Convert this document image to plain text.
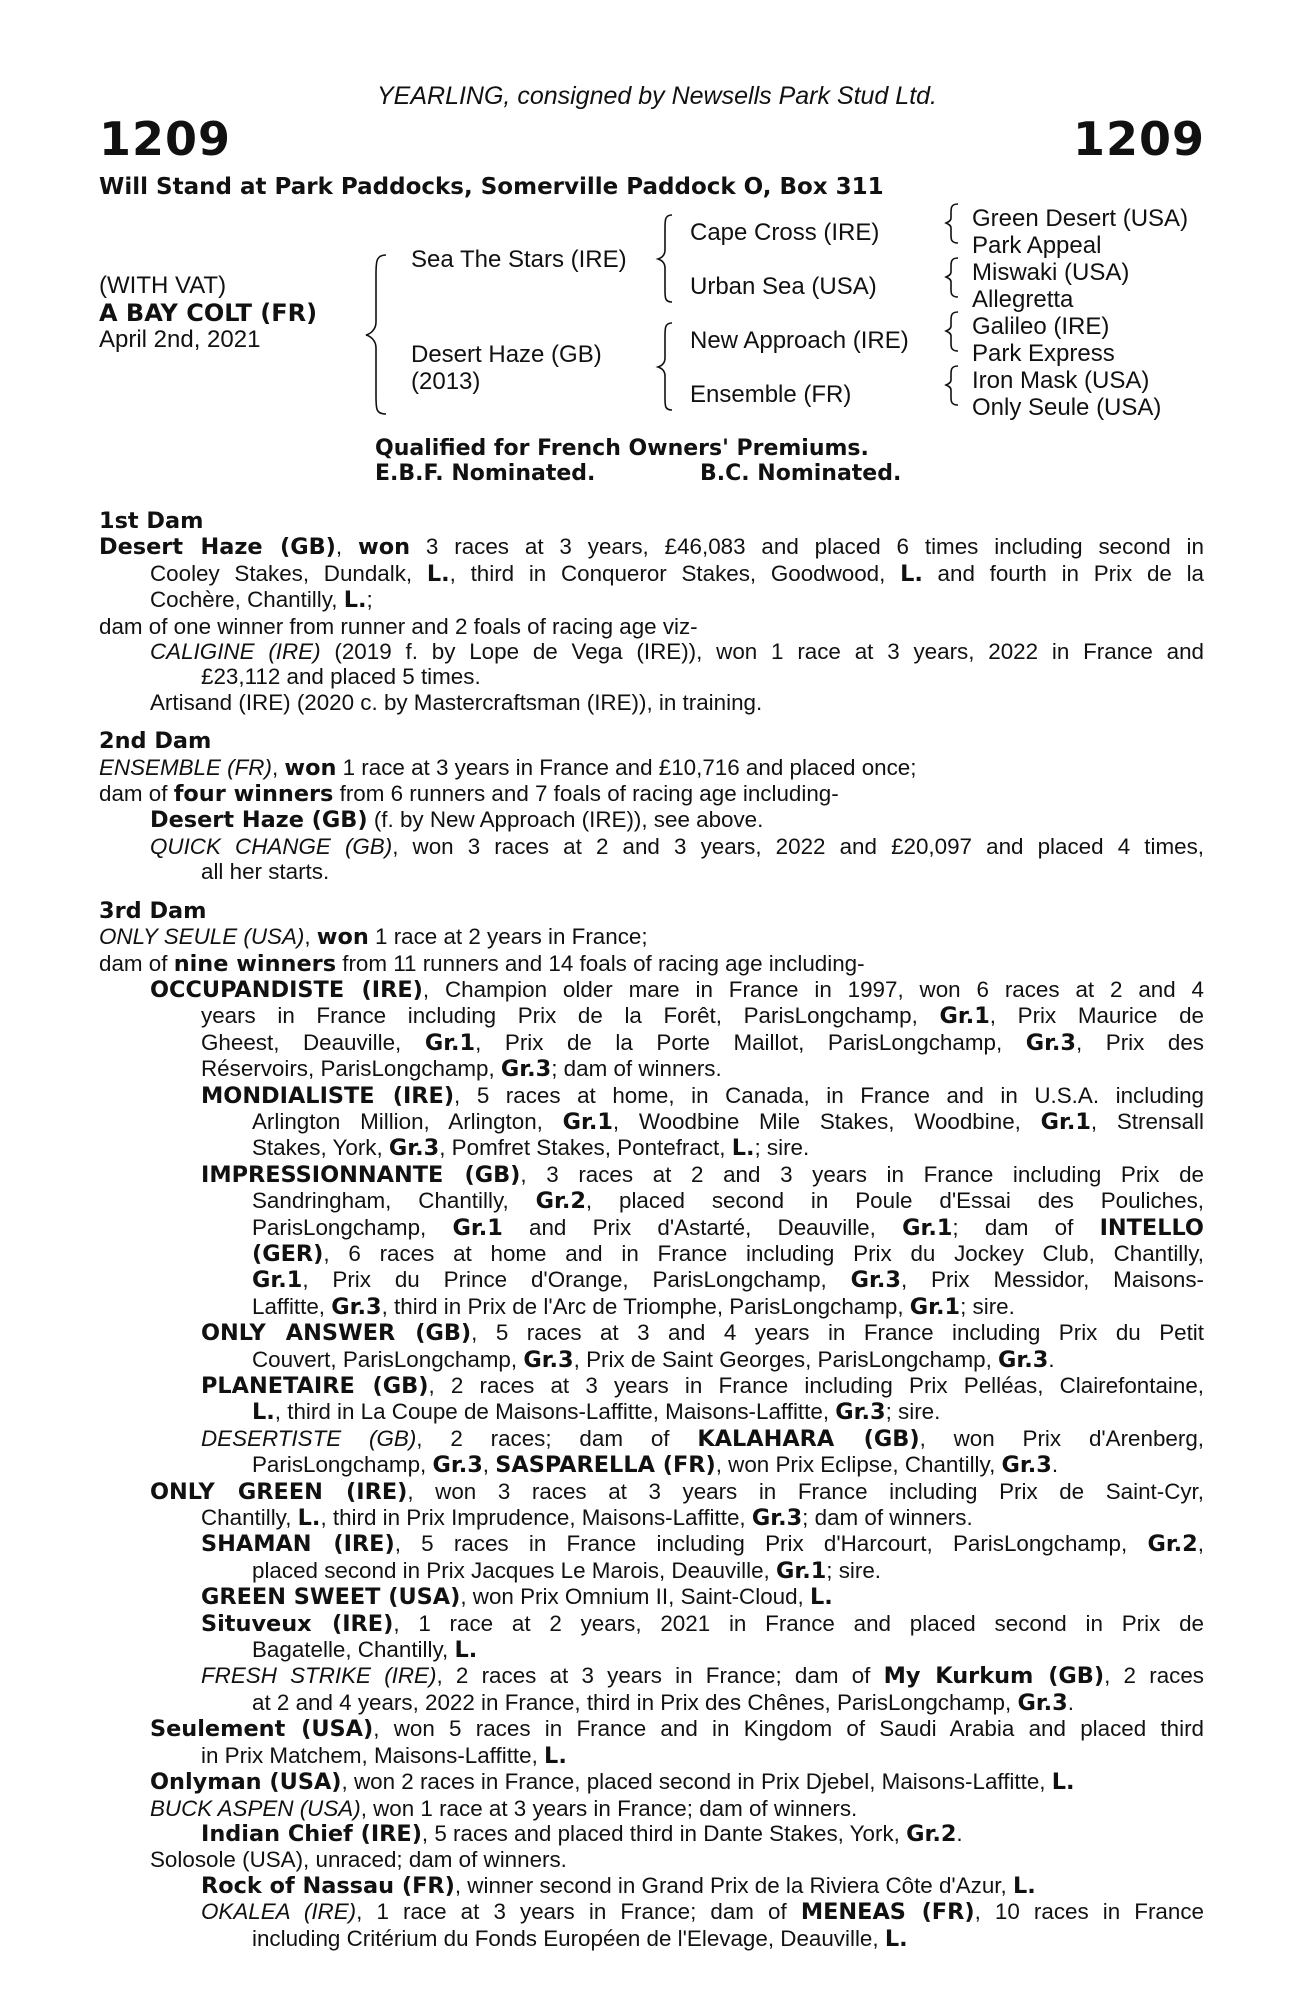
YEARLING, consigned by Newsells Park Stud Ltd.
1209	1209
Will Stand at Park Paddocks, Somerville Paddock O, Box 311
(WITH VAT)
A BAY COLT (FR)
April 2nd, 2021
Sea The Stars (IRE)
Desert Haze (GB)
(2013)
Cape Cross (IRE)
Urban Sea (USA)
New Approach (IRE)
Ensemble (FR)
Green Desert (USA)
Park Appeal
Miswaki (USA)
Allegretta
Galileo (IRE)
Park Express
Iron Mask (USA)
Only Seule (USA)
Qualified for French Owners' Premiums.
E.B.F. Nominated.	B.C. Nominated.
1st Dam
Desert Haze (GB), won 3 races at 3 years, £46,083 and placed 6 times including second in
Cooley Stakes, Dundalk, L., third in Conqueror Stakes, Goodwood, L. and fourth in Prix de la
Cochère, Chantilly, L.;
dam of one winner from runner and 2 foals of racing age viz-
CALIGINE (IRE) (2019 f. by Lope de Vega (IRE)), won 1 race at 3 years, 2022 in France and
£23,112 and placed 5 times.
Artisand (IRE) (2020 c. by Mastercraftsman (IRE)), in training.
2nd Dam
ENSEMBLE (FR), won 1 race at 3 years in France and £10,716 and placed once;
dam of four winners from 6 runners and 7 foals of racing age including-
Desert Haze (GB) (f. by New Approach (IRE)), see above.
QUICK CHANGE (GB), won 3 races at 2 and 3 years, 2022 and £20,097 and placed 4 times,
all her starts.
3rd Dam
ONLY SEULE (USA), won 1 race at 2 years in France;
dam of nine winners from 11 runners and 14 foals of racing age including-
OCCUPANDISTE (IRE), Champion older mare in France in 1997, won 6 races at 2 and 4
years in France including Prix de la Forêt, ParisLongchamp, Gr.1, Prix Maurice de
Gheest, Deauville, Gr.1, Prix de la Porte Maillot, ParisLongchamp, Gr.3, Prix des
Réservoirs, ParisLongchamp, Gr.3; dam of winners.
MONDIALISTE (IRE), 5 races at home, in Canada, in France and in U.S.A. including
Arlington Million, Arlington, Gr.1, Woodbine Mile Stakes, Woodbine, Gr.1, Strensall
Stakes, York, Gr.3, Pomfret Stakes, Pontefract, L.; sire.
IMPRESSIONNANTE (GB), 3 races at 2 and 3 years in France including Prix de
Sandringham, Chantilly, Gr.2, placed second in Poule d'Essai des Pouliches,
ParisLongchamp, Gr.1 and Prix d'Astarté, Deauville, Gr.1; dam of INTELLO
(GER), 6 races at home and in France including Prix du Jockey Club, Chantilly,
Gr.1, Prix du Prince d'Orange, ParisLongchamp, Gr.3, Prix Messidor, Maisons-
Laffitte, Gr.3, third in Prix de l'Arc de Triomphe, ParisLongchamp, Gr.1; sire.
ONLY ANSWER (GB), 5 races at 3 and 4 years in France including Prix du Petit
Couvert, ParisLongchamp, Gr.3, Prix de Saint Georges, ParisLongchamp, Gr.3.
PLANETAIRE (GB), 2 races at 3 years in France including Prix Pelléas, Clairefontaine,
L., third in La Coupe de Maisons-Laffitte, Maisons-Laffitte, Gr.3; sire.
DESERTISTE (GB), 2 races; dam of KALAHARA (GB), won Prix d'Arenberg,
ParisLongchamp, Gr.3, SASPARELLA (FR), won Prix Eclipse, Chantilly, Gr.3.
ONLY GREEN (IRE), won 3 races at 3 years in France including Prix de Saint-Cyr,
Chantilly, L., third in Prix Imprudence, Maisons-Laffitte, Gr.3; dam of winners.
SHAMAN (IRE), 5 races in France including Prix d'Harcourt, ParisLongchamp, Gr.2,
placed second in Prix Jacques Le Marois, Deauville, Gr.1; sire.
GREEN SWEET (USA), won Prix Omnium II, Saint-Cloud, L.
Situveux (IRE), 1 race at 2 years, 2021 in France and placed second in Prix de
Bagatelle, Chantilly, L.
FRESH STRIKE (IRE), 2 races at 3 years in France; dam of My Kurkum (GB), 2 races
at 2 and 4 years, 2022 in France, third in Prix des Chênes, ParisLongchamp, Gr.3.
Seulement (USA), won 5 races in France and in Kingdom of Saudi Arabia and placed third
in Prix Matchem, Maisons-Laffitte, L.
Onlyman (USA), won 2 races in France, placed second in Prix Djebel, Maisons-Laffitte, L.
BUCK ASPEN (USA), won 1 race at 3 years in France; dam of winners.
Indian Chief (IRE), 5 races and placed third in Dante Stakes, York, Gr.2.
Solosole (USA), unraced; dam of winners.
Rock of Nassau (FR), winner second in Grand Prix de la Riviera Côte d'Azur, L.
OKALEA (IRE), 1 race at 3 years in France; dam of MENEAS (FR), 10 races in France
including Critérium du Fonds Européen de l'Elevage, Deauville, L.
